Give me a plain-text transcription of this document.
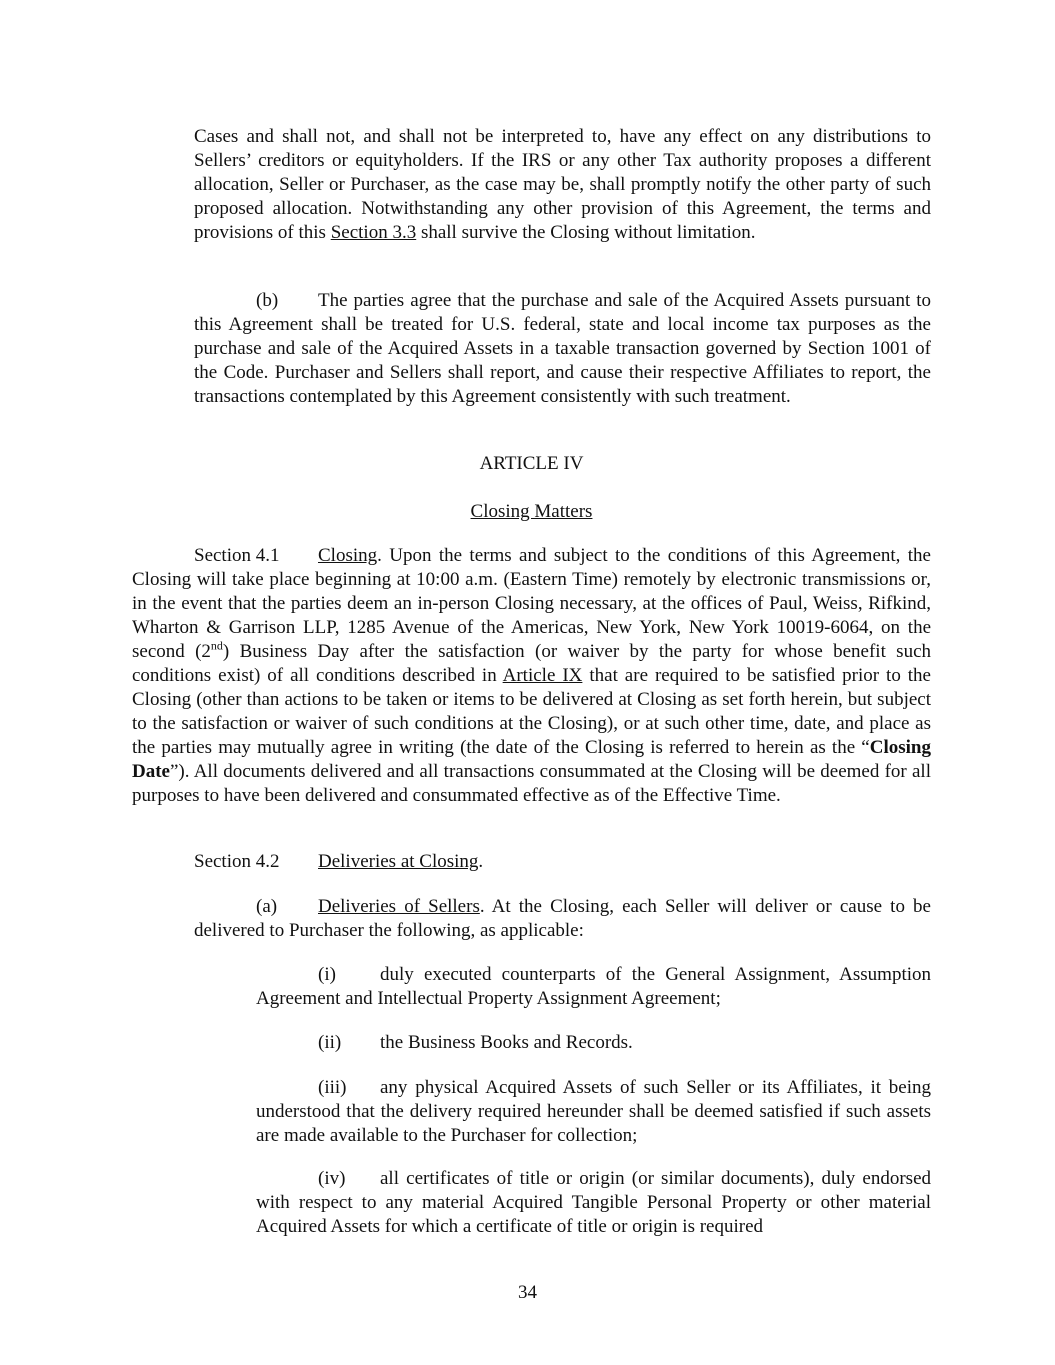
Cases and shall not, and shall not be interpreted to, have any effect on any distributions to Sellers’ creditors or equityholders. If the IRS or any other Tax authority proposes a different allocation, Seller or Purchaser, as the case may be, shall promptly notify the other party of such proposed allocation. Notwithstanding any other provision of this Agreement, the terms and provisions of this Section 3.3 shall survive the Closing without limitation.

(b) The parties agree that the purchase and sale of the Acquired Assets pursuant to this Agreement shall be treated for U.S. federal, state and local income tax purposes as the purchase and sale of the Acquired Assets in a taxable transaction governed by Section 1001 of the Code. Purchaser and Sellers shall report, and cause their respective Affiliates to report, the transactions contemplated by this Agreement consistently with such treatment.

ARTICLE IV

Closing Matters

Section 4.1 Closing. Upon the terms and subject to the conditions of this Agreement, the Closing will take place beginning at 10:00 a.m. (Eastern Time) remotely by electronic transmissions or, in the event that the parties deem an in-person Closing necessary, at the offices of Paul, Weiss, Rifkind, Wharton & Garrison LLP, 1285 Avenue of the Americas, New York, New York 10019-6064, on the second (2nd) Business Day after the satisfaction (or waiver by the party for whose benefit such conditions exist) of all conditions described in Article IX that are required to be satisfied prior to the Closing (other than actions to be taken or items to be delivered at Closing as set forth herein, but subject to the satisfaction or waiver of such conditions at the Closing), or at such other time, date, and place as the parties may mutually agree in writing (the date of the Closing is referred to herein as the “Closing Date”). All documents delivered and all transactions consummated at the Closing will be deemed for all purposes to have been delivered and consummated effective as of the Effective Time.

Section 4.2 Deliveries at Closing.

(a) Deliveries of Sellers. At the Closing, each Seller will deliver or cause to be delivered to Purchaser the following, as applicable:

(i) duly executed counterparts of the General Assignment, Assumption Agreement and Intellectual Property Assignment Agreement;

(ii) the Business Books and Records.

(iii) any physical Acquired Assets of such Seller or its Affiliates, it being understood that the delivery required hereunder shall be deemed satisfied if such assets are made available to the Purchaser for collection;

(iv) all certificates of title or origin (or similar documents), duly endorsed with respect to any material Acquired Tangible Personal Property or other material Acquired Assets for which a certificate of title or origin is required

34
